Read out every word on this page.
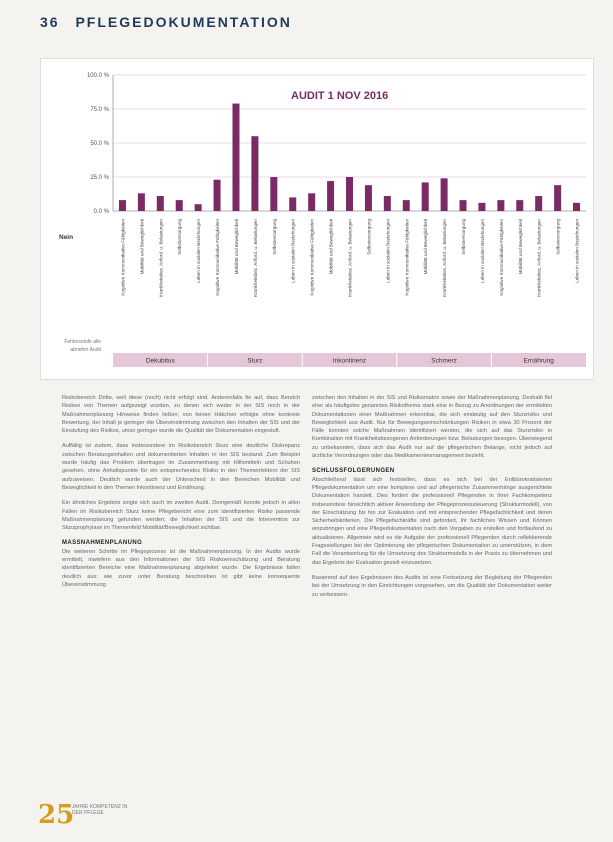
36 PFLEGEDOKUMENTATION
100.0 %
75.0 %
50.0 %
25.0 %
0.0 %
AUDIT 1 NOV 2016
Nein	Kognitive Kommunikative Fähigkeiten	Mobilität und Beweglichkeit	Krankheitsbez. Anford. u. Belastungen	Selbstversorgung	Leben in sozialen Beziehungen	Kognitive Kommunikative Fähigkeiten	Mobilität und Beweglichkeit	Krankheitsbez. Anford. u. Belastungen	Selbstversorgung	Leben in sozialen Beziehungen	Kognitive Kommunikative Fähigkeiten	Mobilität und Beweglichkeit	Krankheitsbez. Anford. u. Belastungen	Selbstversorgung	Leben in sozialen Beziehungen	Kognitive Kommunikative Fähigkeiten	Mobilität und Beweglichkeit	Krankheitsbez. Anford. u. Belastungen	Selbstversorgung	Leben in sozialen Beziehungen	Kognitive Kommunikative Fähigkeiten	Mobilität und Beweglichkeit	Krankheitsbez. Anford. u. Belastungen	Selbstversorgung	Leben in sozialen Beziehungen
Dekubitus	Sturz	Inkontinenz	Schmerz	Ernährung
Fehlersstufe alle
abnehm Audit

Risikobereich Dritte, weil diese (noch) nicht erfolgt sind. Anderenfalls fie auf, dass Bereich Risiken von Themen aufgezeigt wurden, zu denen sich weder in der SIS noch in der Maßnahmenplanung Hinweise finden ließen; von feinen Häkchen erfolgte ohne konkrete Bewertung, der Inhalt je geringer die Übereinstimmung zwischen den Inhalten der SIS und der Einstufung des Risikos, umso geringer wurde die Qualität der Dokumentation eingestuft.

Auffällig ist zudem, dass insbesondere im Risikobereich Sturz eine deutliche Diskrepanz zwischen Beratungsinhalten und dokumentierten Inhalten in der SIS bestand. Zum Beispiel wurde häufig das Problem übertragen im Zusammenhang mit Hilfsmitteln und Schuhen gesehen, ohne Anhaltspunkte für ein entsprechendes Risiko in den Themenfeldern der SIS aufzuweisen. Deutlich wurde auch der Unterschied in den Bereichen Mobilität und Beweglichkeit in den Themen Inkontinenz und Ernährung.

Ein ähnliches Ergebnis zeigte sich auch im zweiten Audit. Demgemäß konnte jedoch in allen Fällen im Risikobereich Sturz keine Pflegebericht eine zum identifizierten Risiko passende Maßnahmenplanung gefunden werden; die Inhalten der SIS und die Intervention zur Sturzprophylaxe im Themenfeld Mobilität/Beweglichkeit sichtbar.

MASSNAHMENPLANUNG

Die weiteren Schritte im Pflegeprozess ist die Maßnahmenplanung. In der Audits wurde ermittelt, inwiefern aus den Informationen der SIS Risikoeinschätzung und Beratung identifizierten Bereiche eine Maßnahmenplanung abgeleitet wurde. Die Ergebnisse fallen deutlich aus: wie zuvor unter Beratung beschrieben ist gibt keine konsequente Übereinstimmung

zwischen den Inhalten in der SIS und Risikomatrix sowie der Maßnahmenplanung. Deshalb fiel eher als häufigstes genanntes Risikothema stark eine in Bezug zu Anordnungen der ermittelten Dokumentationen einer Maßnahmen erkennbar, die sich eindeutig auf den Sturzrisiko und Beweglichkeit aus Audit. Nur für Bewegungseinschränkungen Risiken in etwa 30 Prozent der Fälle konnten solche Maßnahmen identifiziert werden, die sich auf das Sturzrisiko in Kombination mit Krankheitsbezogenen Anforderungen bzw. Belastungen bezogen. Überwiegend zu unbekannten, dass sich das Audit nur auf die pflegerischen Belange, nicht jedoch auf ärztliche Verordnungen oder das Medikamentenmanagement bezieht.

SCHLUSSFOLGERUNGEN

Abschließend lässt sich feststellen, dass es sich bei der Entbürokratisierten Pflegedokumentation um eine komplexe und auf pflegerische Zusammenhänge ausgerichtete Dokumentation handelt. Dies fordert die professionell Pflegenden in ihrer Fachkompetenz insbesondere hinsichtlich aktiver Anwendung der Pflegeprozesssteuerung (Strukturmodell), von der Einschätzung bis hin zur Evaluation und mit entsprechender Pflegefachlichkeit und deren Sicherheitskriterien. Die Pflegefachkräfte sind gefordert, ihr fachliches Wissen und Können einzubringen und eine Pflegedokumentation nach den Vorgaben zu erstellen und fortlaufend zu aktualisieren. Allgemein wird es die Aufgabe der professionell Pflegenden durch reflektierende Fragestellungen bei der Optimierung der pflegerischen Dokumentation zu unterstützen, in dem Fall die Verantwortung für die Umsetzung des Strukturmodells in der Praxis zu übernehmen und das Ergebnis der Evaluation gezielt einzusetzen.

Basierend auf den Ergebnissen des Audits ist eine Fortsetzung der Begleitung der Pflegenden bei der Umsetzung in den Einrichtungen vorgesehen, um die Qualität der Dokumentation weiter zu verbessern.

25
JAHRE KOMPETENZ IN DER PFLEGE
